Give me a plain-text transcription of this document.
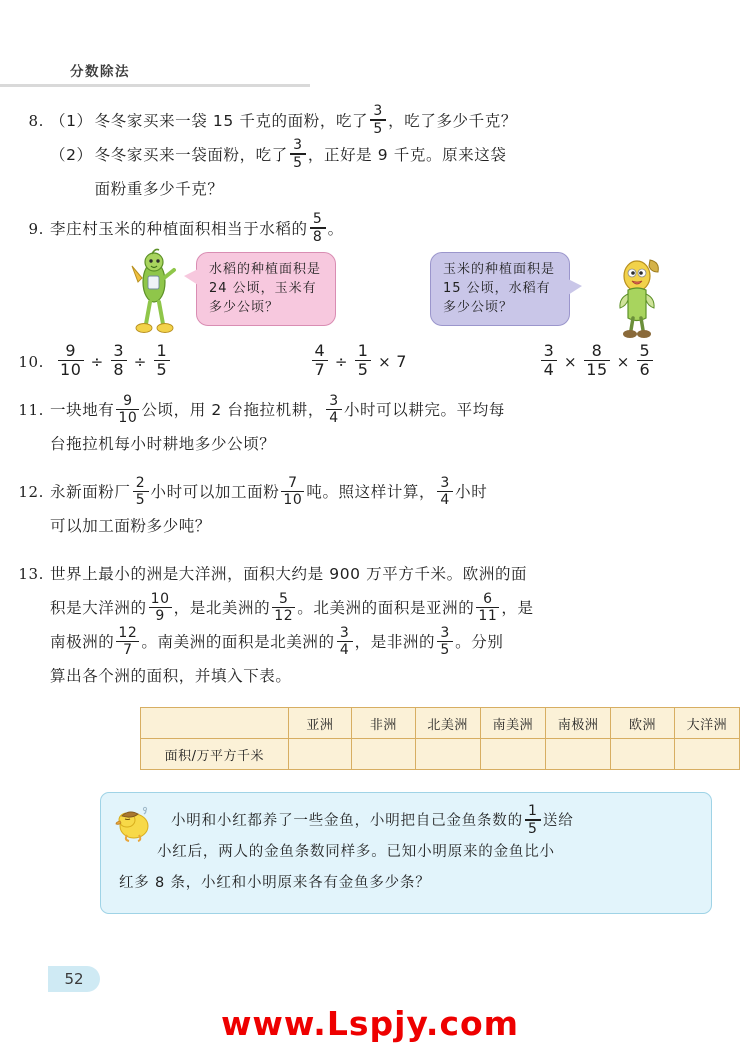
分数除法
8. （1） 冬冬家买来一袋 15 千克的面粉，吃了 $\frac{3}{5}$ ，吃了多少千克？
（2） 冬冬家买来一袋面粉，吃了 $\frac{3}{5}$ ，正好是 9 千克。原来这袋
面粉重多少千克？
9. 李庄村玉米的种植面积相当于水稻的 $\frac{5}{8}$ 。
水稻的种植面积是 24 公顷，玉米有多少公顷？
玉米的种植面积是 15 公顷，水稻有多少公顷？
10. $\frac{9}{10} \div \frac{3}{8} \div \frac{1}{5}$	$\frac{4}{7} \div \frac{1}{5} \times 7$	$\frac{3}{4} \times \frac{8}{15} \times \frac{5}{6}$
11. 一块地有 $\frac{9}{10}$ 公顷，用 2 台拖拉机耕， $\frac{3}{4}$ 小时可以耕完。平均每
台拖拉机每小时耕地多少公顷？
12. 永新面粉厂 $\frac{2}{5}$ 小时可以加工面粉 $\frac{7}{10}$ 吨。照这样计算， $\frac{3}{4}$ 小时
可以加工面粉多少吨？
13. 世界上最小的洲是大洋洲，面积大约是 900 万平方千米。欧洲的面
积是大洋洲的 $\frac{10}{9}$ ，是北美洲的 $\frac{5}{12}$ 。北美洲的面积是亚洲的 $\frac{6}{11}$ ，是
南极洲的 $\frac{12}{7}$ 。南美洲的面积是北美洲的 $\frac{3}{4}$ ，是非洲的 $\frac{3}{5}$ 。分别
算出各个洲的面积，并填入下表。
	亚洲	非洲	北美洲	南美洲	南极洲	欧洲	大洋洲
面积/万平方千米							
小明和小红都养了一些金鱼，小明把自己金鱼条数的 $\frac{1}{5}$ 送给
小红后，两人的金鱼条数同样多。已知小明原来的金鱼比小
红多 8 条，小红和小明原来各有金鱼多少条？
52
www.Lspjy.com
